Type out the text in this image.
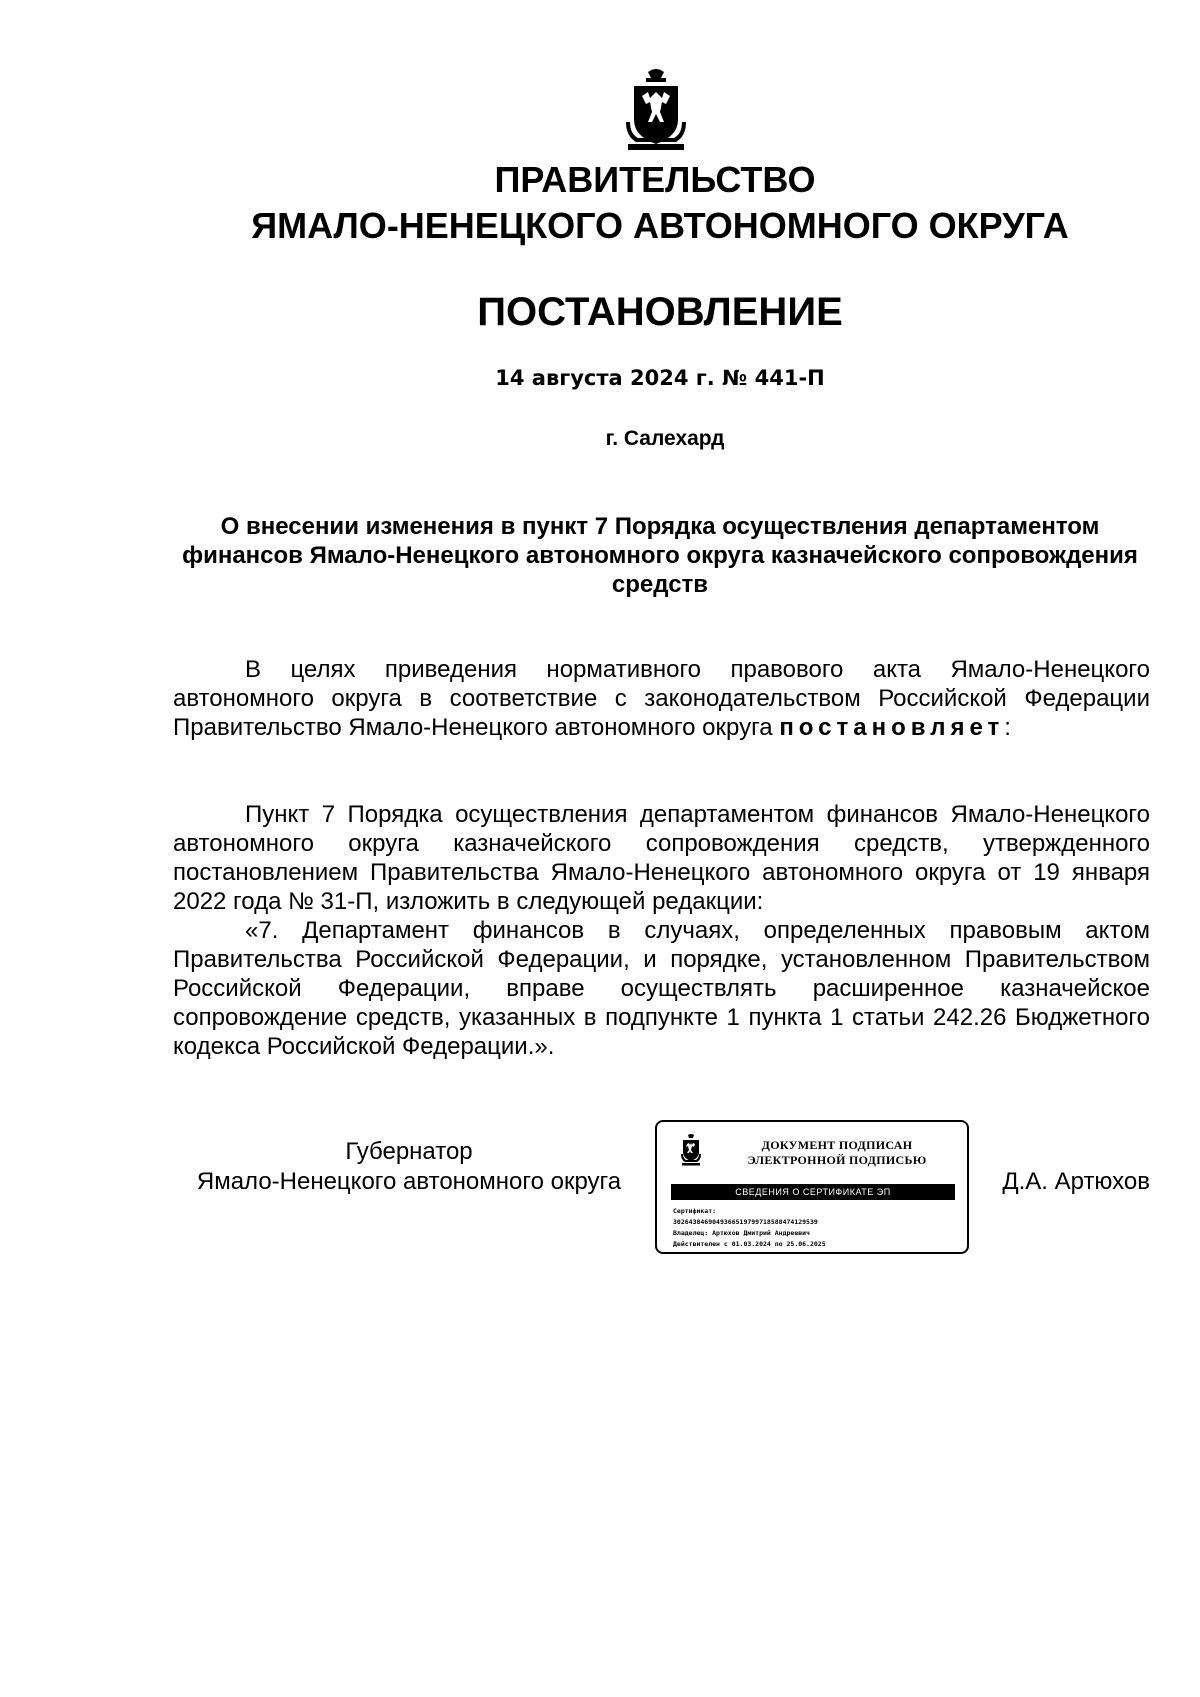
ПРАВИТЕЛЬСТВО
ЯМАЛО-НЕНЕЦКОГО АВТОНОМНОГО ОКРУГА
ПОСТАНОВЛЕНИЕ
14 августа 2024 г. № 441-П
г. Салехард
О внесении изменения в пункт 7 Порядка осуществления департаментом финансов Ямало-Ненецкого автономного округа казначейского сопровождения средств

В целях приведения нормативного правового акта Ямало-Ненецкого автономного округа в соответствие с законодательством Российской Федерации Правительство Ямало-Ненецкого автономного округа постановляет:

Пункт 7 Порядка осуществления департаментом финансов Ямало-Ненецкого автономного округа казначейского сопровождения средств, утвержденного постановлением Правительства Ямало-Ненецкого автономного округа от 19 января 2022 года № 31-П, изложить в следующей редакции:

«7. Департамент финансов в случаях, определенных правовым актом Правительства Российской Федерации, и порядке, установленном Правительством Российской Федерации, вправе осуществлять расширенное казначейское сопровождение средств, указанных в подпункте 1 пункта 1 статьи 242.26 Бюджетного кодекса Российской Федерации.».

Губернатор
Ямало-Ненецкого автономного округа
ДОКУМЕНТ ПОДПИСАН
ЭЛЕКТРОННОЙ ПОДПИСЬЮ
СВЕДЕНИЯ О СЕРТИФИКАТЕ ЭП
Сертификат:
3026438469049366519799718588474129539
Владелец: Артюхов Дмитрий Андреевич
Действителен с 01.03.2024 по 25.06.2025
Д.А. Артюхов
